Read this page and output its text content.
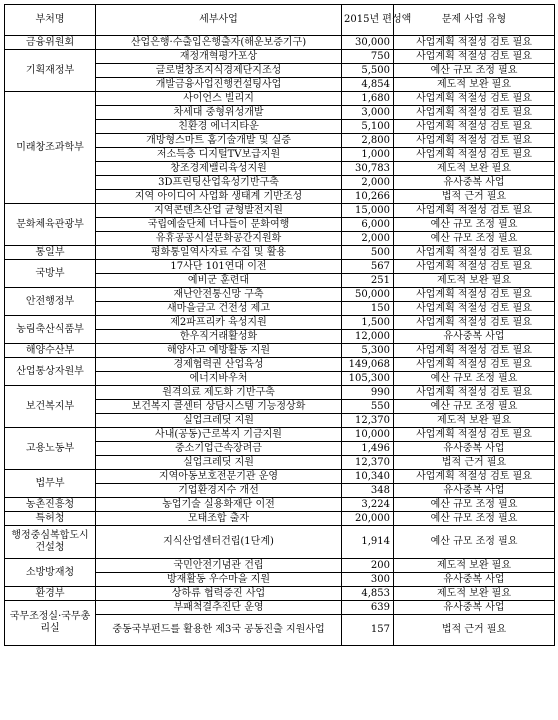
부처명	세부사업	2015년 편성액	문제 사업 유형
금융위원회	산업은행·수출입은행출자(해운보증기구)	30,000	사업계획 적절성 검토 필요
기획재정부	재정개혁평가포상	750	사업계획 적절성 검토 필요
	글로벌창조지식경제단지조성	5,500	예산 규모 조정 필요
	개발금융사업진행컨설팅사업	4,854	제도적 보완 필요
미래창조과학부	사이언스 빌리지	1,680	사업계획 적절성 검토 필요
	차세대 중형위성개발	3,000	사업계획 적절성 검토 필요
	친환경 에너지타운	5,100	사업계획 적절성 검토 필요
	개방형스마트 홈기술개발 및 실증	2,800	사업계획 적절성 검토 필요
	저소득층 디지털TV보급지원	1,000	사업계획 적절성 검토 필요
	창조경제밸리육성지원	30,783	제도적 보완 필요
	3D프린팅산업육성기반구축	2,000	유사중복 사업
	지역 아이디어 사업화 생태계 기반조성	10,266	법적 근거 필요
문화체육관광부	지역콘텐츠산업 균형발전지원	15,000	사업계획 적절성 검토 필요
	국립예술단체 너나들이 문화여행	6,000	예산 규모 조정 필요
	유휴공공시설문화공간지원화	2,000	예산 규모 조정 필요
통일부	평화통일역사자료 수집 및 활용	500	사업계획 적절성 검토 필요
국방부	17사단 101연대 이전	567	사업계획 적절성 검토 필요
	예비군 훈련대	251	제도적 보완 필요
안전행정부	재난안전통신망 구축	50,000	사업계획 적절성 검토 필요
	새마을금고 건전성 제고	150	사업계획 적절성 검토 필요
농림축산식품부	제2파프리카 육성지원	1,500	사업계획 적절성 검토 필요
	한우직거래활성화	12,000	유사중복 사업
해양수산부	해양사고 예방활동 지원	5,300	사업계획 적절성 검토 필요
산업통상자원부	경제협력권 산업육성	149,068	사업계획 적절성 검토 필요
	에너지바우처	105,300	예산 규모 조정 필요
보건복지부	원격의료 제도화 기반구축	990	사업계획 적절성 검토 필요
	보건복지 콜센터 상담시스템 기능정상화	550	예산 규모 조정 필요
	실업크레딧 지원	12,370	제도적 보완 필요
고용노동부	사내(공동)근로복지 기금지원	10,000	사업계획 적절성 검토 필요
	중소기업근속장려금	1,496	유사중복 사업
	실업크레딧 지원	12,370	법적 근거 필요
법무부	지역아동보호전문기관 운영	10,340	사업계획 적절성 검토 필요
	기업환경지수 개선	348	유사중복 사업
농촌진흥청	농업기술 실용화재단 이전	3,224	예산 규모 조정 필요
특허청	모태조합 출자	20,000	예산 규모 조정 필요
행정중심복합도시건설청	지식산업센터건립(1단계)	1,914	예산 규모 조정 필요
소방방재청	국민안전기념관 건립	200	제도적 보완 필요
	방재활동 우수마을 지원	300	유사중복 사업
환경부	상하류 협력증진 사업	4,853	제도적 보완 필요
국무조정실·국무총리실	부패척결추진단 운영	639	유사중복 사업
	중동국부펀드를 활용한 제3국 공동진출 지원사업	157	법적 근거 필요
